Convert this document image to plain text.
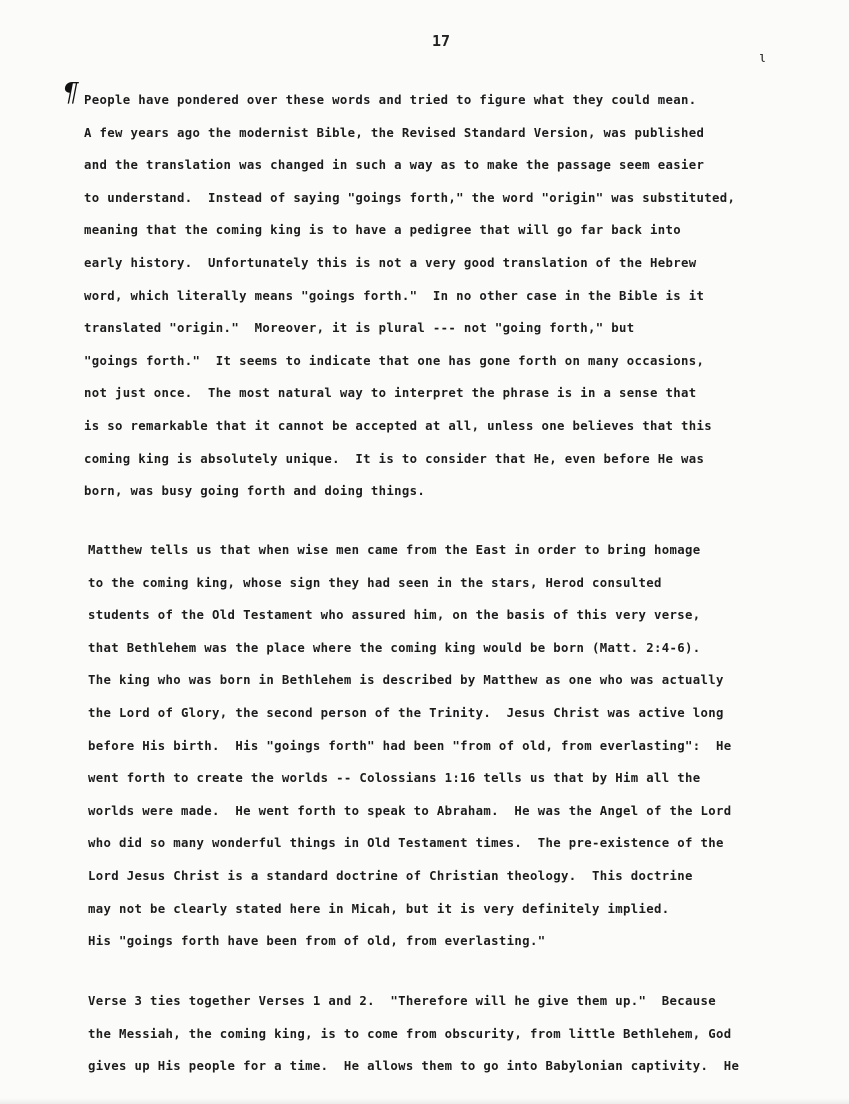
17
ι
¶ People have pondered over these words and tried to figure what they could mean.
A few years ago the modernist Bible, the Revised Standard Version, was published
and the translation was changed in such a way as to make the passage seem easier
to understand.  Instead of saying "goings forth," the word "origin" was substituted,
meaning that the coming king is to have a pedigree that will go far back into
early history.  Unfortunately this is not a very good translation of the Hebrew
word, which literally means "goings forth."  In no other case in the Bible is it
translated "origin."  Moreover, it is plural --- not "going forth," but
"goings forth."  It seems to indicate that one has gone forth on many occasions,
not just once.  The most natural way to interpret the phrase is in a sense that
is so remarkable that it cannot be accepted at all, unless one believes that this
coming king is absolutely unique.  It is to consider that He, even before He was
born, was busy going forth and doing things.
Matthew tells us that when wise men came from the East in order to bring homage
to the coming king, whose sign they had seen in the stars, Herod consulted
students of the Old Testament who assured him, on the basis of this very verse,
that Bethlehem was the place where the coming king would be born (Matt. 2:4-6).
The king who was born in Bethlehem is described by Matthew as one who was actually
the Lord of Glory, the second person of the Trinity.  Jesus Christ was active long
before His birth.  His "goings forth" had been "from of old, from everlasting":  He
went forth to create the worlds -- Colossians 1:16 tells us that by Him all the
worlds were made.  He went forth to speak to Abraham.  He was the Angel of the Lord
who did so many wonderful things in Old Testament times.  The pre-existence of the
Lord Jesus Christ is a standard doctrine of Christian theology.  This doctrine
may not be clearly stated here in Micah, but it is very definitely implied.
His "goings forth have been from of old, from everlasting."
Verse 3 ties together Verses 1 and 2.  "Therefore will he give them up."  Because
the Messiah, the coming king, is to come from obscurity, from little Bethlehem, God
gives up His people for a time.  He allows them to go into Babylonian captivity.  He
